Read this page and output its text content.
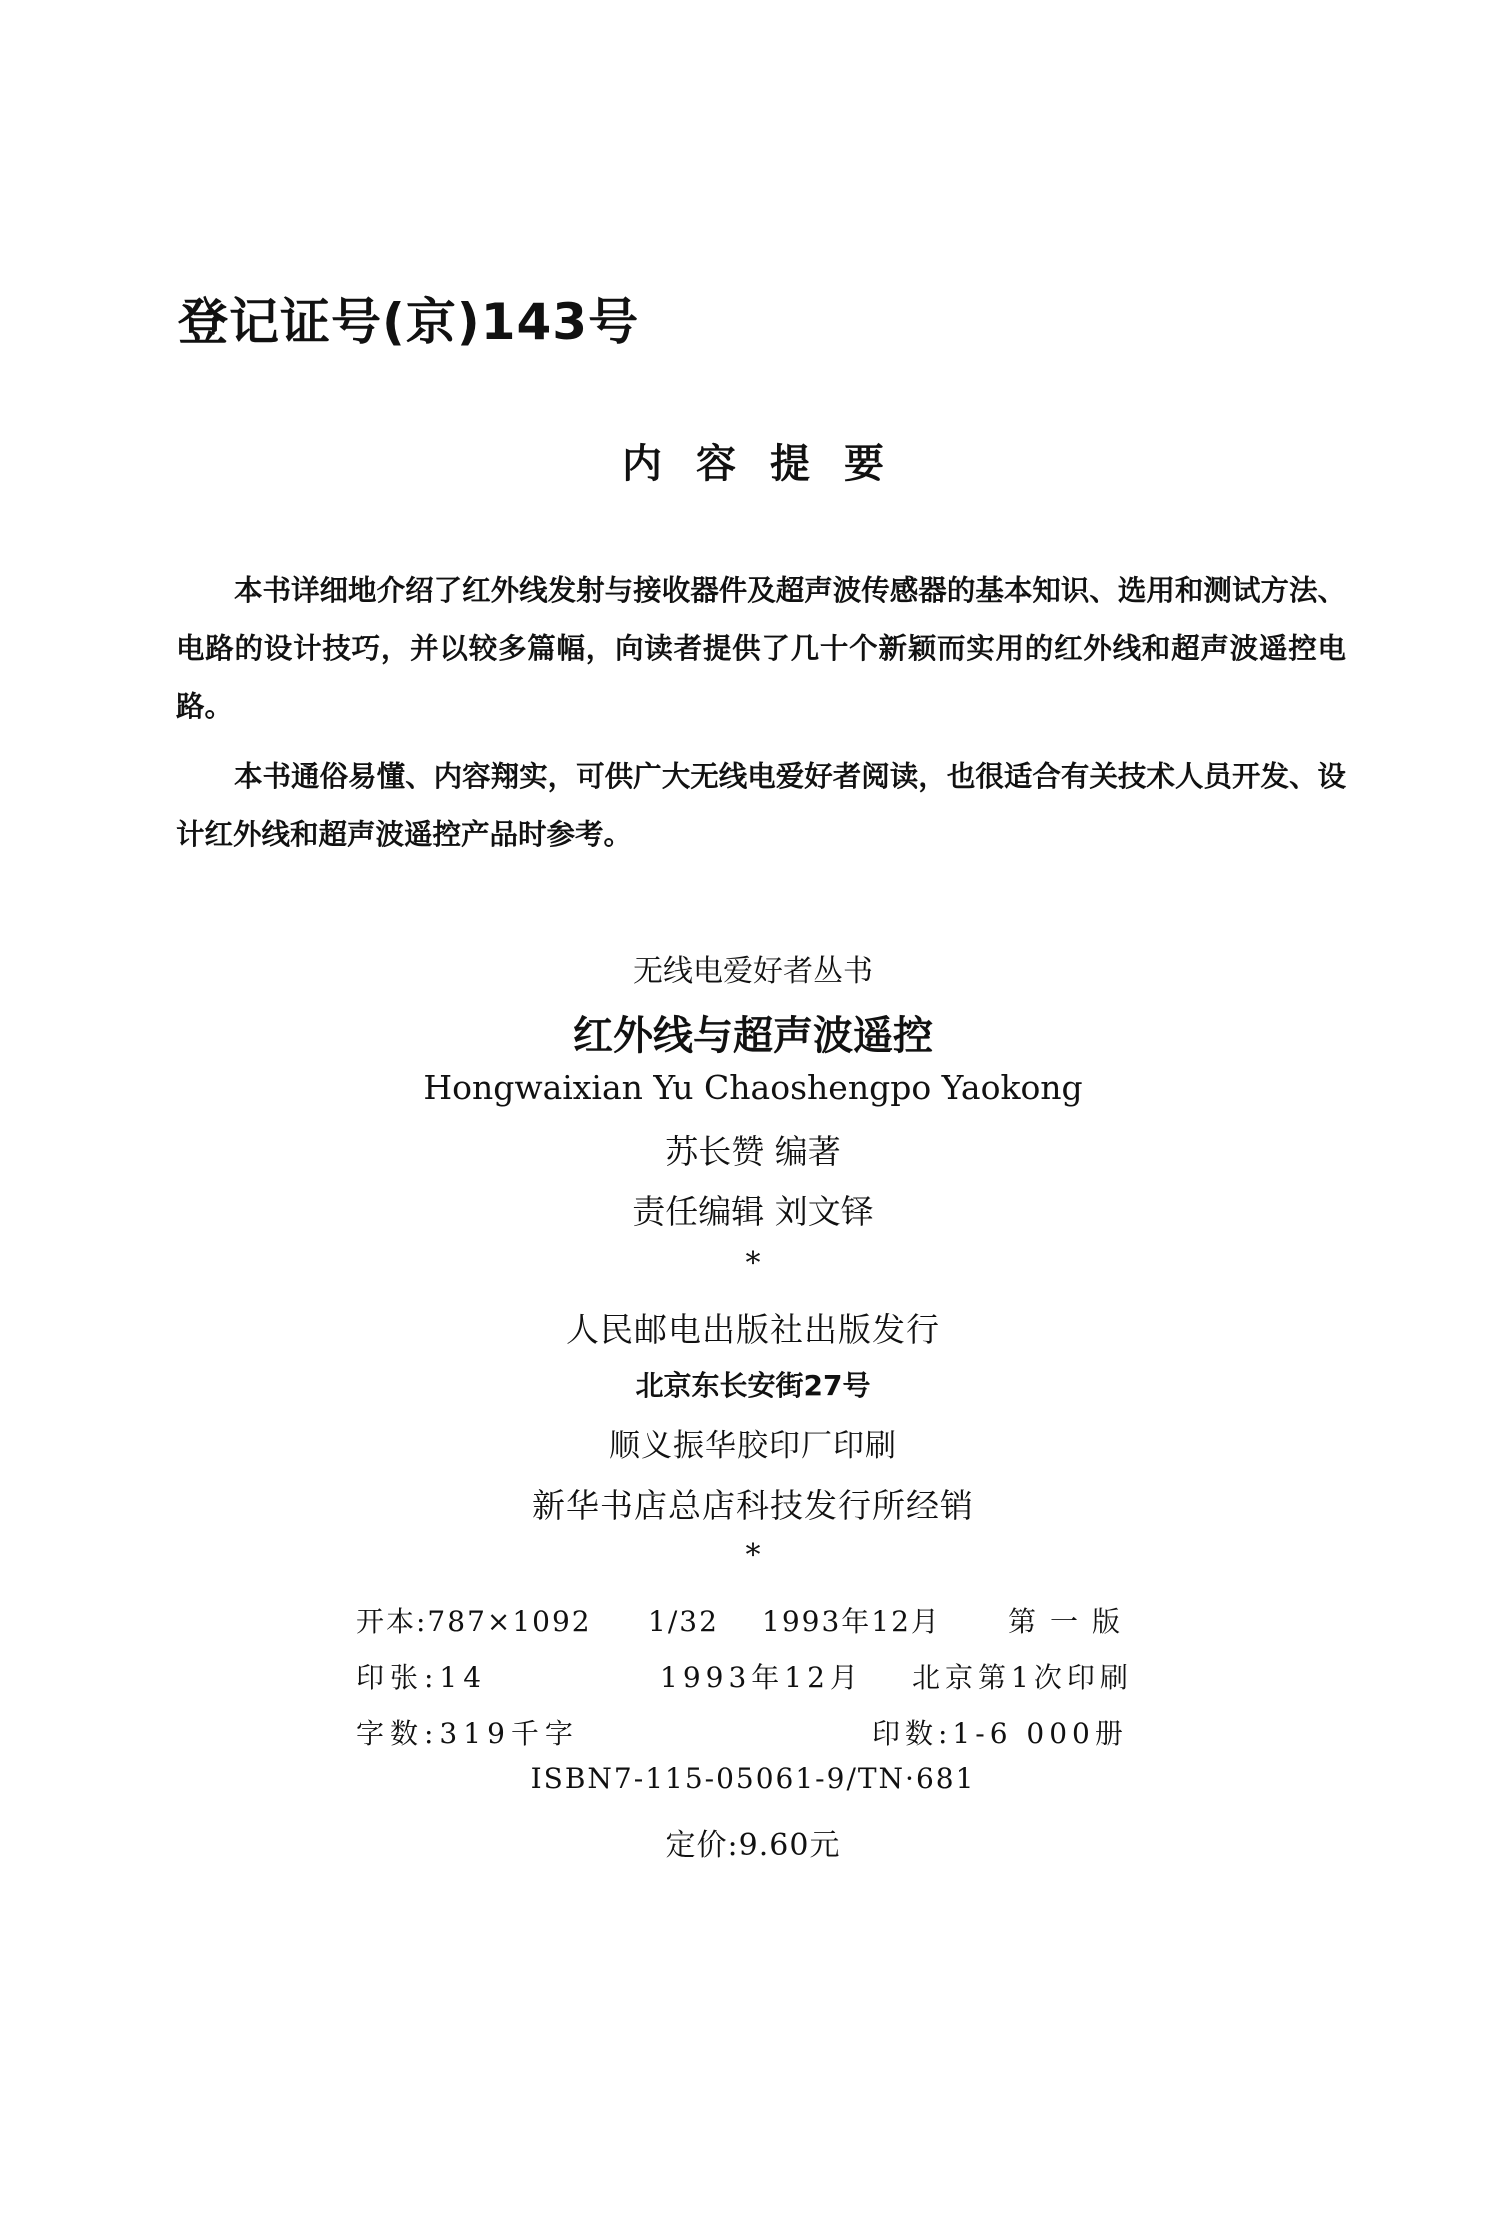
登记证号(京)143号
内容提要

本书详细地介绍了红外线发射与接收器件及超声波传感器的基本知识、选用和测试方法、电路的设计技巧，并以较多篇幅，向读者提供了几十个新颖而实用的红外线和超声波遥控电路。

本书通俗易懂、内容翔实，可供广大无线电爱好者阅读，也很适合有关技术人员开发、设计红外线和超声波遥控产品时参考。

无线电爱好者丛书
红外线与超声波遥控
Hongwaixian Yu Chaoshengpo Yaokong
苏长赞 编著
责任编辑 刘文铎
*
人民邮电出版社出版发行
北京东长安街27号
顺义振华胶印厂印刷
新华书店总店科技发行所经销
*
开本:787×1092 1/32 1993年12月 第一版
印张:14	1993年12月 北京第1次印刷
字数:319千字	印数:1-6 000册
ISBN7-115-05061-9/TN·681
定价:9.60元
